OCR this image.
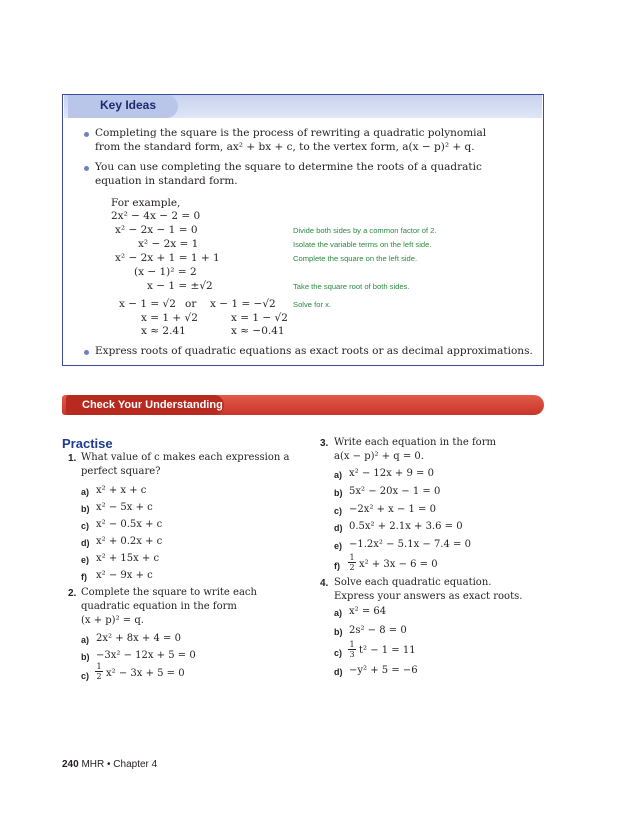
Key Ideas
Completing the square is the process of rewriting a quadratic polynomial
from the standard form, ax² + bx + c, to the vertex form, a(x − p)² + q.
You can use completing the square to determine the roots of a quadratic
equation in standard form.
For example,
2x² − 4x − 2 = 0
x² − 2x − 1 = 0	Divide both sides by a common factor of 2.
x² − 2x = 1	Isolate the variable terms on the left side.
x² − 2x + 1 = 1 + 1	Complete the square on the left side.
(x − 1)² = 2
x − 1 = ±√2	Take the square root of both sides.
x − 1 = √2 or x − 1 = −√2 Solve for x.
x = 1 + √2	x = 1 − √2
x ≈ 2.41	x ≈ −0.41
Express roots of quadratic equations as exact roots or as decimal approximations.
Check Your Understanding
Practise
1. What value of c makes each expression a
perfect square?
a) x² + x + c
b) x² − 5x + c
c) x² − 0.5x + c
d) x² + 0.2x + c
e) x² + 15x + c
f) x² − 9x + c
2. Complete the square to write each
quadratic equation in the form
(x + p)² = q.
a) 2x² + 8x + 4 = 0
b) −3x² − 12x + 5 = 0
$c) \frac{1}{2} x^2 - 3x + 5 = 0$
3. Write each equation in the form
a(x − p)² + q = 0.
a) x² − 12x + 9 = 0
b) 5x² − 20x − 1 = 0
c) −2x² + x − 1 = 0
d) 0.5x² + 2.1x + 3.6 = 0
e) −1.2x² − 5.1x − 7.4 = 0
$f) \frac{1}{2} x^2 + 3x - 6 = 0$
4. Solve each quadratic equation.
Express your answers as exact roots.
a) x² = 64
b) 2s² − 8 = 0
$c) \frac{1}{3} t^2 - 1 = 11$
d) −y² + 5 = −6
240 MHR • Chapter 4
